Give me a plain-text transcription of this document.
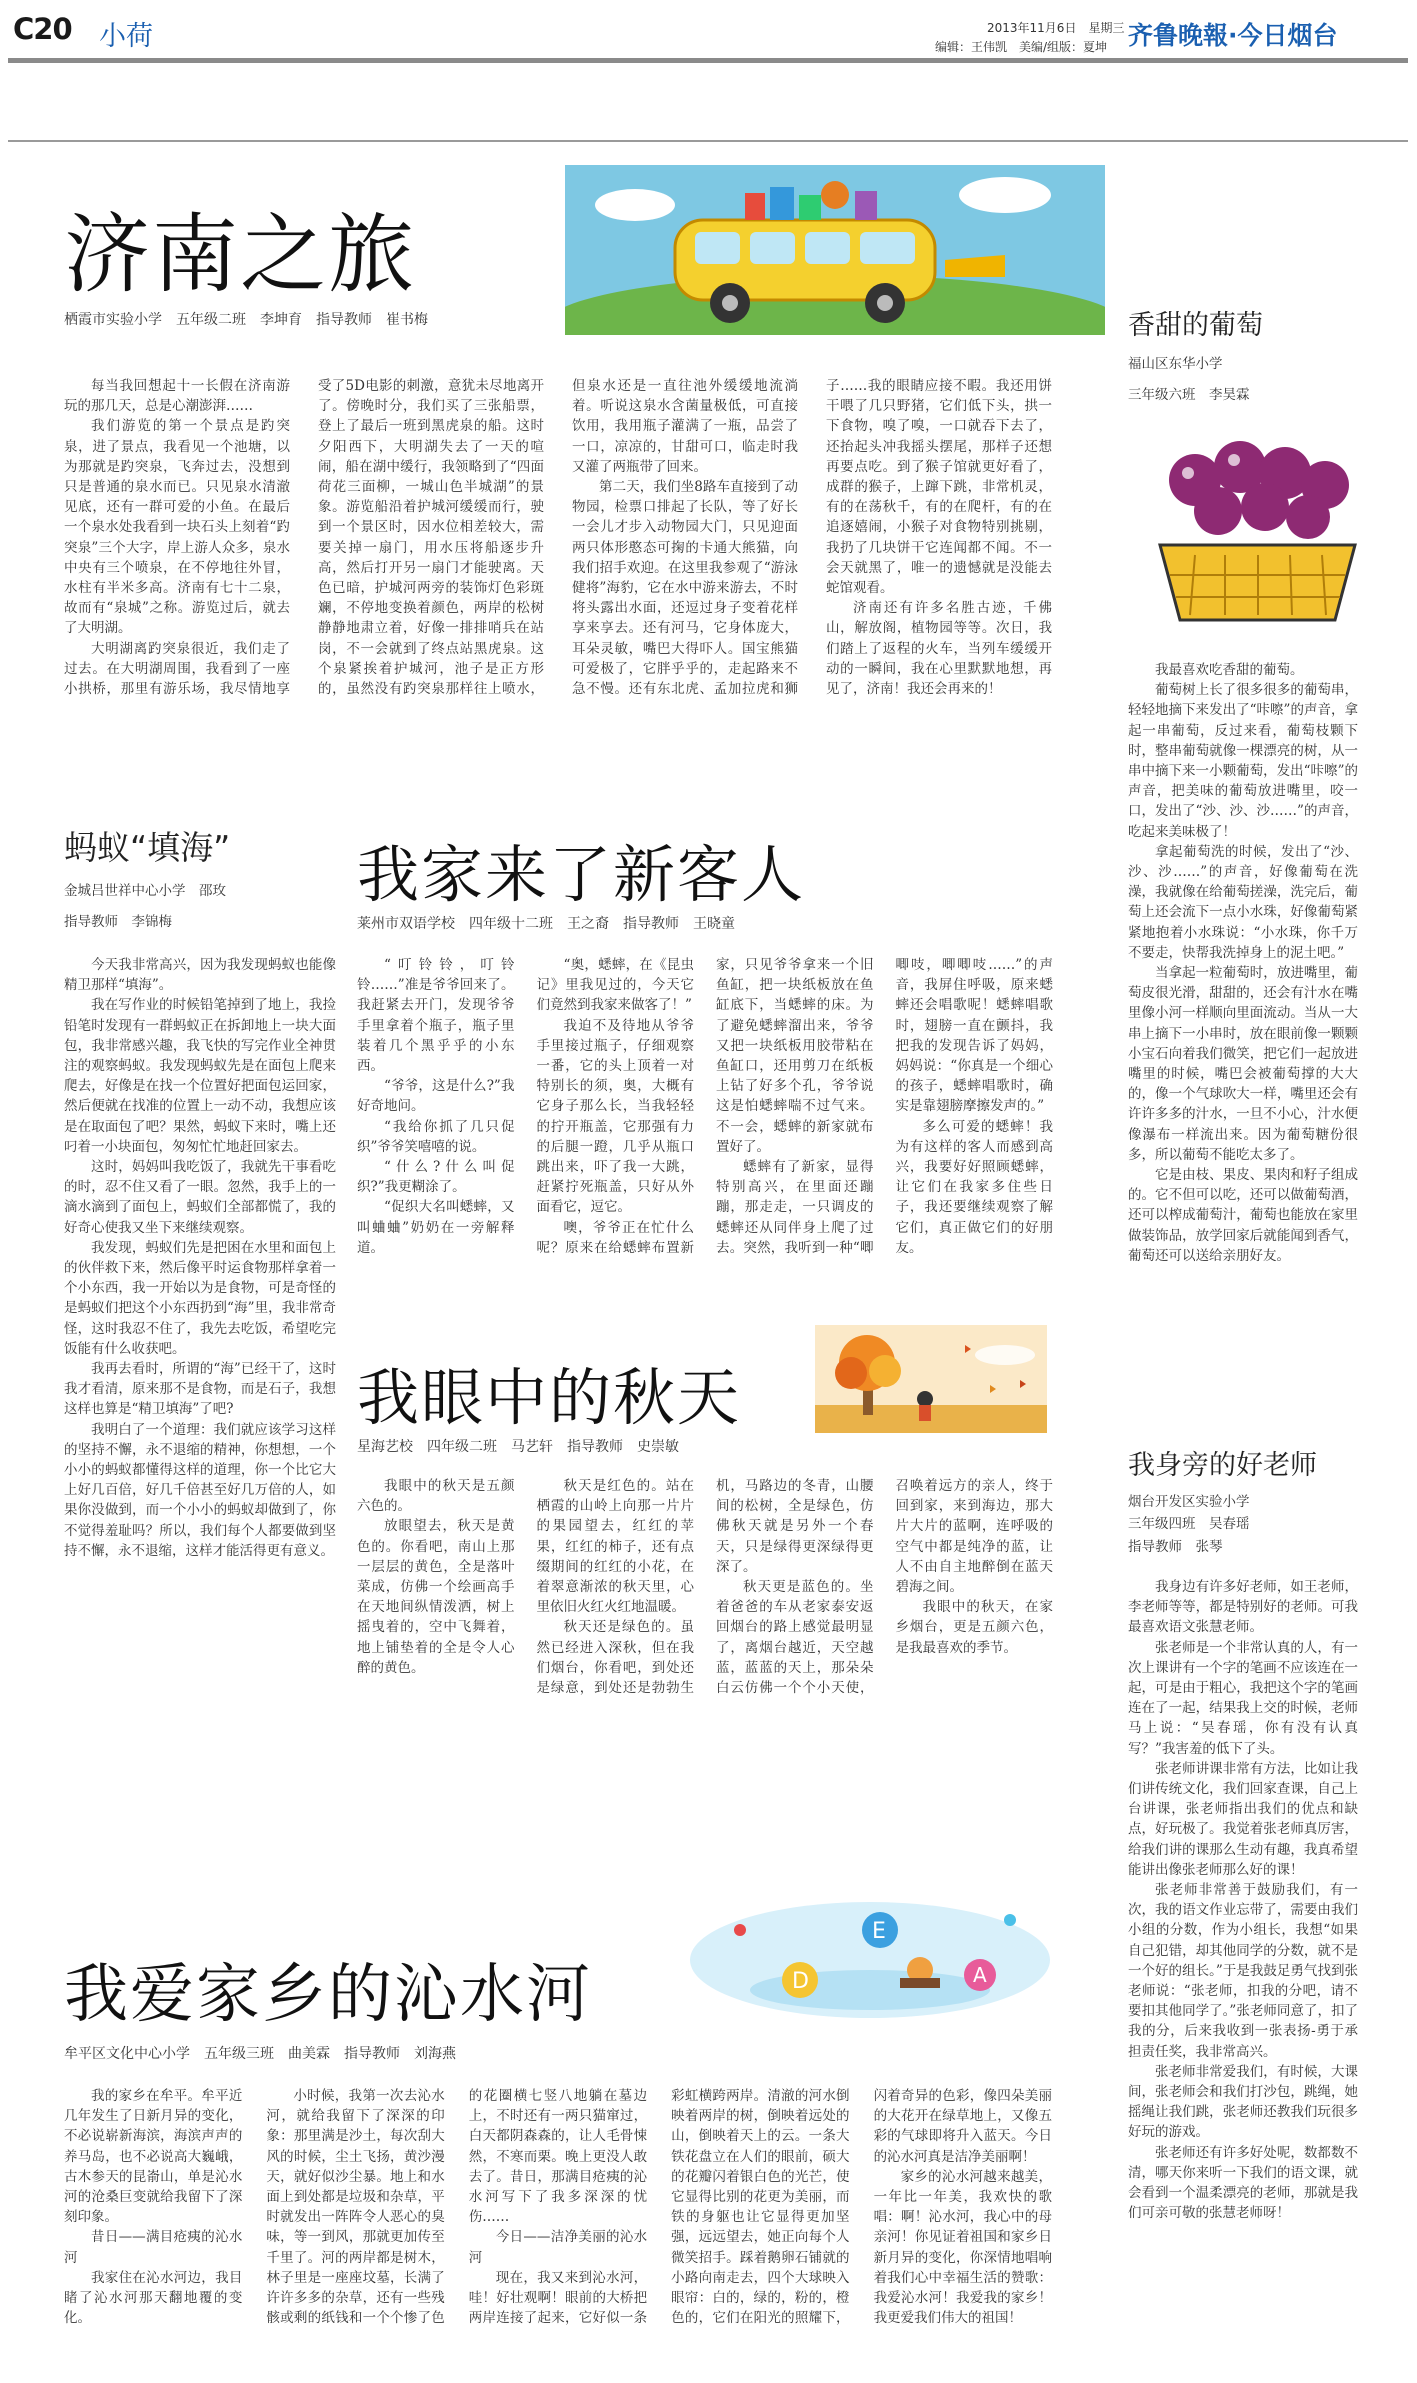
C20 小荷	2013年11月6日　星期三
编辑：王伟凯　美编/组版：夏坤 齐鲁晚報·今日烟台
济南之旅
栖霞市实验小学　五年级二班　李坤育　指导教师　崔书梅

每当我回想起十一长假在济南游玩的那几天，总是心潮澎湃……

我们游览的第一个景点是趵突泉，进了景点，我看见一个池塘，以为那就是趵突泉，飞奔过去，没想到只是普通的泉水而已。只见泉水清澈见底，还有一群可爱的小鱼。在最后一个泉水处我看到一块石头上刻着“趵突泉”三个大字，岸上游人众多，泉水中央有三个喷泉，在不停地往外冒，水柱有半米多高。济南有七十二泉，故而有“泉城”之称。游览过后，就去了大明湖。

大明湖离趵突泉很近，我们走了过去。在大明湖周围，我看到了一座小拱桥，那里有游乐场，我尽情地享受了5D电影的刺激，意犹未尽地离开了。傍晚时分，我们买了三张船票，登上了最后一班到黑虎泉的船。这时夕阳西下，大明湖失去了一天的喧闹，船在湖中缓行，我领略到了“四面荷花三面柳，一城山色半城湖”的景象。游览船沿着护城河缓缓而行，驶到一个景区时，因水位相差较大，需要关掉一扇门，用水压将船逐步升高，然后打开另一扇门才能驶离。天色已暗，护城河两旁的装饰灯色彩斑斓，不停地变换着颜色，两岸的松树静静地肃立着，好像一排排哨兵在站岗，不一会就到了终点站黑虎泉。这个泉紧挨着护城河，池子是正方形的，虽然没有趵突泉那样往上喷水，但泉水还是一直往池外缓缓地流淌着。听说这泉水含菌量极低，可直接饮用，我用瓶子灌满了一瓶，品尝了一口，凉凉的，甘甜可口，临走时我又灌了两瓶带了回来。

第二天，我们坐8路车直接到了动物园，检票口排起了长队，等了好长一会儿才步入动物园大门，只见迎面两只体形憨态可掬的卡通大熊猫，向我们招手欢迎。在这里我参观了“游泳健将”海豹，它在水中游来游去，不时将头露出水面，还逗过身子变着花样享来享去。还有河马，它身体庞大，耳朵灵敏，嘴巴大得吓人。国宝熊猫可爱极了，它胖乎乎的，走起路来不急不慢。还有东北虎、孟加拉虎和狮子……我的眼睛应接不暇。我还用饼干喂了几只野猪，它们低下头，拱一下食物，嗅了嗅，一口就吞下去了，还抬起头冲我摇头摆尾，那样子还想再要点吃。到了猴子馆就更好看了，成群的猴子，上蹿下跳，非常机灵，有的在荡秋千，有的在爬杆，有的在追逐嬉闹，小猴子对食物特别挑剔，我扔了几块饼干它连闻都不闻。不一会天就黑了，唯一的遗憾就是没能去蛇馆观看。

济南还有许多名胜古迹，千佛山，解放阁，植物园等等。次日，我们踏上了返程的火车，当列车缓缓开动的一瞬间，我在心里默默地想，再见了，济南！我还会再来的！

我家来了新客人
莱州市双语学校　四年级十二班　王之裔　指导教师　王晓童

“叮铃铃，叮铃铃……”准是爷爷回来了。我赶紧去开门，发现爷爷手里拿着个瓶子，瓶子里装着几个黑乎乎的小东西。

“爷爷，这是什么?”我好奇地问。

“我给你抓了几只促织”爷爷笑嘻嘻的说。

“什么?什么叫促织?”我更糊涂了。

“促织大名叫蟋蟀，又叫蛐蛐”奶奶在一旁解释道。

“奥，蟋蟀，在《昆虫记》里我见过的，今天它们竟然到我家来做客了！”

我迫不及待地从爷爷手里接过瓶子，仔细观察一番，它的头上顶着一对特别长的须，奥，大概有它身子那么长，当我轻轻的拧开瓶盖，它那强有力的后腿一蹬，几乎从瓶口跳出来，吓了我一大跳，赶紧拧死瓶盖，只好从外面看它，逗它。

噢，爷爷正在忙什么呢？原来在给蟋蟀布置新家，只见爷爷拿来一个旧鱼缸，把一块纸板放在鱼缸底下，当蟋蟀的床。为了避免蟋蟀溜出来，爷爷又把一块纸板用胶带粘在鱼缸口，还用剪刀在纸板上钻了好多个孔，爷爷说这是怕蟋蟀喘不过气来。不一会，蟋蟀的新家就布置好了。

蟋蟀有了新家，显得特别高兴，在里面还蹦蹦，那走走，一只调皮的蟋蟀还从同伴身上爬了过去。突然，我听到一种“唧唧吱，唧唧吱……”的声音，我屏住呼吸，原来蟋蟀还会唱歌呢！蟋蟀唱歌时，翅膀一直在颤抖，我把我的发现告诉了妈妈，妈妈说：“你真是一个细心的孩子，蟋蟀唱歌时，确实是靠翅膀摩擦发声的。”

多么可爱的蟋蟀！我为有这样的客人而感到高兴，我要好好照顾蟋蟀，让它们在我家多住些日子，我还要继续观察了解它们，真正做它们的好朋友。

我眼中的秋天
星海艺校　四年级二班　马艺轩　指导教师　史崇敏

我眼中的秋天是五颜六色的。

放眼望去，秋天是黄色的。你看吧，南山上那一层层的黄色，全是落叶菜成，仿佛一个绘画高手在天地间纵情泼洒，树上摇曳着的，空中飞舞着，地上铺垫着的全是令人心醉的黄色。

秋天是红色的。站在栖霞的山岭上向那一片片的果园望去，红红的苹果，红红的柿子，还有点缀期间的红红的小花，在着翠意渐浓的秋天里，心里依旧火红火红地温暖。

秋天还是绿色的。虽然已经进入深秋，但在我们烟台，你看吧，到处还是绿意，到处还是勃勃生机，马路边的冬青，山腰间的松树，全是绿色，仿佛秋天就是另外一个春天，只是绿得更深绿得更深了。

秋天更是蓝色的。坐着爸爸的车从老家泰安返回烟台的路上感觉最明显了，离烟台越近，天空越蓝，蓝蓝的天上，那朵朵白云仿佛一个个小天使，召唤着远方的亲人，终于回到家，来到海边，那大片大片的蓝啊，连呼吸的空气中都是纯净的蓝，让人不由自主地醉倒在蓝天碧海之间。

我眼中的秋天，在家乡烟台，更是五颜六色，是我最喜欢的季节。

我爱家乡的沁水河
牟平区文化中心小学　五年级三班　曲美霖　指导教师　刘海燕
D
E
A

我的家乡在牟平。牟平近几年发生了日新月异的变化，不必说崭新海滨，海滨声声的养马岛，也不必说高大巍峨，古木参天的昆嵛山，单是沁水河的沧桑巨变就给我留下了深刻印象。

昔日——满目疮痍的沁水河

我家住在沁水河边，我目睹了沁水河那天翻地覆的变化。

小时候，我第一次去沁水河，就给我留下了深深的印象：那里满是沙土，每次刮大风的时候，尘土飞扬，黄沙漫天，就好似沙尘暴。地上和水面上到处都是垃圾和杂草，平时就发出一阵阵令人恶心的臭味，等一到风，那就更加传至千里了。河的两岸都是树木，林子里是一座座坟墓，长满了许许多多的杂草，还有一些残骸或剩的纸钱和一个个惨了色的花圈横七竖八地躺在墓边上，不时还有一两只猫窜过，白天都阴森森的，让人毛骨悚然，不寒而栗。晚上更没人敢去了。昔日，那满目疮痍的沁水河写下了我多深深的忧伤……

今日——洁净美丽的沁水河

现在，我又来到沁水河，哇！好壮观啊！眼前的大桥把两岸连接了起来，它好似一条彩虹横跨两岸。清澈的河水倒映着两岸的树，倒映着远处的山，倒映着天上的云。一条大铁花盘立在人们的眼前，硕大的花瓣闪着银白色的光芒，使它显得比别的花更为美丽，而铁的身躯也让它显得更加坚强，远远望去，她正向每个人微笑招手。踩着鹅卵石铺就的小路向南走去，四个大球映入眼帘：白的，绿的，粉的，橙色的，它们在阳光的照耀下，闪着奇异的色彩，像四朵美丽的大花开在绿草地上，又像五彩的气球即将升入蓝天。今日的沁水河真是洁净美丽啊！

家乡的沁水河越来越美，一年比一年美，我欢快的歌唱：啊！沁水河，我心中的母亲河！你见证着祖国和家乡日新月异的变化，你深情地唱响着我们心中幸福生活的赞歌：我爱沁水河！我爱我的家乡！我更爱我们伟大的祖国！

蚂蚁“填海”
金城吕世祥中心小学　邵玫
指导教师　李锦梅

今天我非常高兴，因为我发现蚂蚁也能像精卫那样“填海”。

我在写作业的时候铅笔掉到了地上，我捡铅笔时发现有一群蚂蚁正在拆卸地上一块大面包，我非常感兴趣，我飞快的写完作业全神贯注的观察蚂蚁。我发现蚂蚁先是在面包上爬来爬去，好像是在找一个位置好把面包运回家，然后便就在找准的位置上一动不动，我想应该是在取面包了吧？果然，蚂蚁下来时，嘴上还叼着一小块面包，匆匆忙忙地赶回家去。

这时，妈妈叫我吃饭了，我就先干事看吃的时，忍不住又看了一眼。忽然，我手上的一滴水滴到了面包上，蚂蚁们全部都慌了，我的好奇心使我又坐下来继续观察。

我发现，蚂蚁们先是把困在水里和面包上的伙伴救下来，然后像平时运食物那样拿着一个小东西，我一开始以为是食物，可是奇怪的是蚂蚁们把这个小东西扔到“海”里，我非常奇怪，这时我忍不住了，我先去吃饭，希望吃完饭能有什么收获吧。

我再去看时，所谓的“海”已经干了，这时我才看清，原来那不是食物，而是石子，我想这样也算是“精卫填海”了吧?

我明白了一个道理：我们就应该学习这样的坚持不懈，永不退缩的精神，你想想，一个小小的蚂蚁都懂得这样的道理，你一个比它大上好几百倍，好几千倍甚至好几万倍的人，如果你没做到，而一个小小的蚂蚁却做到了，你不觉得羞耻吗？所以，我们每个人都要做到坚持不懈，永不退缩，这样才能活得更有意义。

香甜的葡萄
福山区东华小学
三年级六班　李昊霖

我最喜欢吃香甜的葡萄。

葡萄树上长了很多很多的葡萄串，轻轻地摘下来发出了“咔嚓”的声音，拿起一串葡萄，反过来看，葡萄枝颗下时，整串葡萄就像一棵漂亮的树，从一串中摘下来一小颗葡萄，发出“咔嚓”的声音，把美味的葡萄放进嘴里，咬一口，发出了“沙、沙、沙……”的声音，吃起来美味极了！

拿起葡萄洗的时候，发出了“沙、沙、沙……”的声音，好像葡萄在洗澡，我就像在给葡萄搓澡，洗完后，葡萄上还会流下一点小水珠，好像葡萄紧紧地抱着小水珠说：“小水珠，你千万不要走，快帮我洗掉身上的泥土吧。”

当拿起一粒葡萄时，放进嘴里，葡萄皮很光滑，甜甜的，还会有汁水在嘴里像小河一样顺向里面流动。当从一大串上摘下一小串时，放在眼前像一颗颗小宝石向着我们微笑，把它们一起放进嘴里的时候，嘴巴会被葡萄撑的大大的，像一个气球吹大一样，嘴里还会有许许多多的汁水，一旦不小心，汁水便像瀑布一样流出来。因为葡萄糖份很多，所以葡萄不能吃太多了。

它是由枝、果皮、果肉和籽子组成的。它不但可以吃，还可以做葡萄酒，还可以榨成葡萄汁，葡萄也能放在家里做装饰品，放学回家后就能闻到香气，葡萄还可以送给亲朋好友。

我身旁的好老师
烟台开发区实验小学
三年级四班　吴春瑶
指导教师　张琴

我身边有许多好老师，如王老师，李老师等等，都是特别好的老师。可我最喜欢语文张慧老师。

张老师是一个非常认真的人，有一次上课讲有一个字的笔画不应该连在一起，可是由于粗心，我把这个字的笔画连在了一起，结果我上交的时候，老师马上说：“吴春瑶，你有没有认真写？”我害羞的低下了头。

张老师讲课非常有方法，比如让我们讲传统文化，我们回家查课，自己上台讲课，张老师指出我们的优点和缺点，好玩极了。我觉着张老师真厉害，给我们讲的课那么生动有趣，我真希望能讲出像张老师那么好的课！

张老师非常善于鼓励我们，有一次，我的语文作业忘带了，需要由我们小组的分数，作为小组长，我想“如果自己犯错，却其他同学的分数，就不是一个好的组长。”于是我鼓足勇气找到张老师说：“张老师，扣我的分吧，请不要扣其他同学了。”张老师同意了，扣了我的分，后来我收到一张表扬-勇于承担责任奖，我非常高兴。

张老师非常爱我们，有时候，大课间，张老师会和我们打沙包，跳绳，她摇绳让我们跳，张老师还教我们玩很多好玩的游戏。

张老师还有许多好处呢，数都数不清，哪天你来听一下我们的语文课，就会看到一个温柔漂亮的老师，那就是我们可亲可敬的张慧老师呀！
